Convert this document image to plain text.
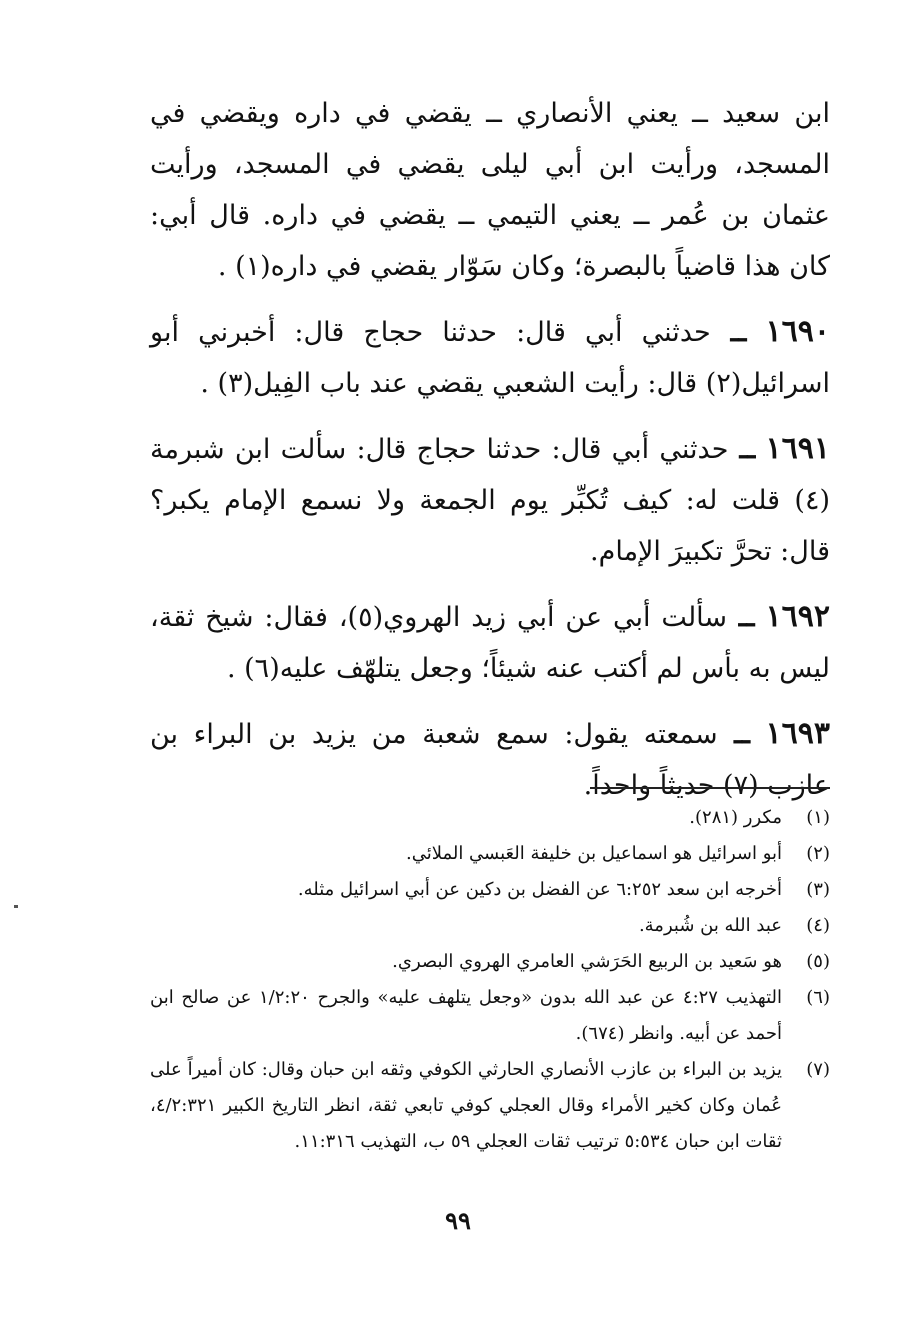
ابن سعيد ــ يعني الأنصاري ــ يقضي في داره ويقضي في المسجد، ورأيت ابن أبي ليلى يقضي في المسجد، ورأيت عثمان بن عُمر ــ يعني التيمي ــ يقضي في داره. قال أبي: كان هذا قاضياً بالبصرة؛ وكان سَوّار يقضي في داره(١) .

١٦٩٠ ــ حدثني أبي قال: حدثنا حجاج قال: أخبرني أبو اسرائيل(٢) قال: رأيت الشعبي يقضي عند باب الفِيل(٣) .

١٦٩١ ــ حدثني أبي قال: حدثنا حجاج قال: سألت ابن شبرمة (٤) قلت له: كيف تُكبِّر يوم الجمعة ولا نسمع الإمام يكبر؟ قال: تحرَّ تكبيرَ الإمام.

١٦٩٢ ــ سألت أبي عن أبي زيد الهروي(٥)، فقال: شيخ ثقة، ليس به بأس لم أكتب عنه شيئاً؛ وجعل يتلهّف عليه(٦) .

١٦٩٣ ــ سمعته يقول: سمع شعبة من يزيد بن البراء بن عازب (٧) حديثاً واحداً.

(١)
مكرر (٢٨١).
(٢)
أبو اسرائيل هو اسماعيل بن خليفة العَبسي الملائي.
(٣)
أخرجه ابن سعد ٦:٢٥٢ عن الفضل بن دكين عن أبي اسرائيل مثله.
(٤)
عبد الله بن شُبرمة.
(٥)
هو سَعيد بن الربيع الحَرَشي العامري الهروي البصري.
(٦)
التهذيب ٤:٢٧ عن عبد الله بدون «وجعل يتلهف عليه» والجرح ١/٢:٢٠ عن صالح ابن أحمد عن أبيه. وانظر (٦٧٤).
(٧)
يزيد بن البراء بن عازب الأنصاري الحارثي الكوفي وثقه ابن حبان وقال: كان أميراً على عُمان وكان كخير الأمراء وقال العجلي كوفي تابعي ثقة، انظر التاريخ الكبير ٤/٢:٣٢١، ثقات ابن حبان ٥:٥٣٤ ترتيب ثقات العجلي ٥٩ ب، التهذيب ١١:٣١٦.
٩٩
